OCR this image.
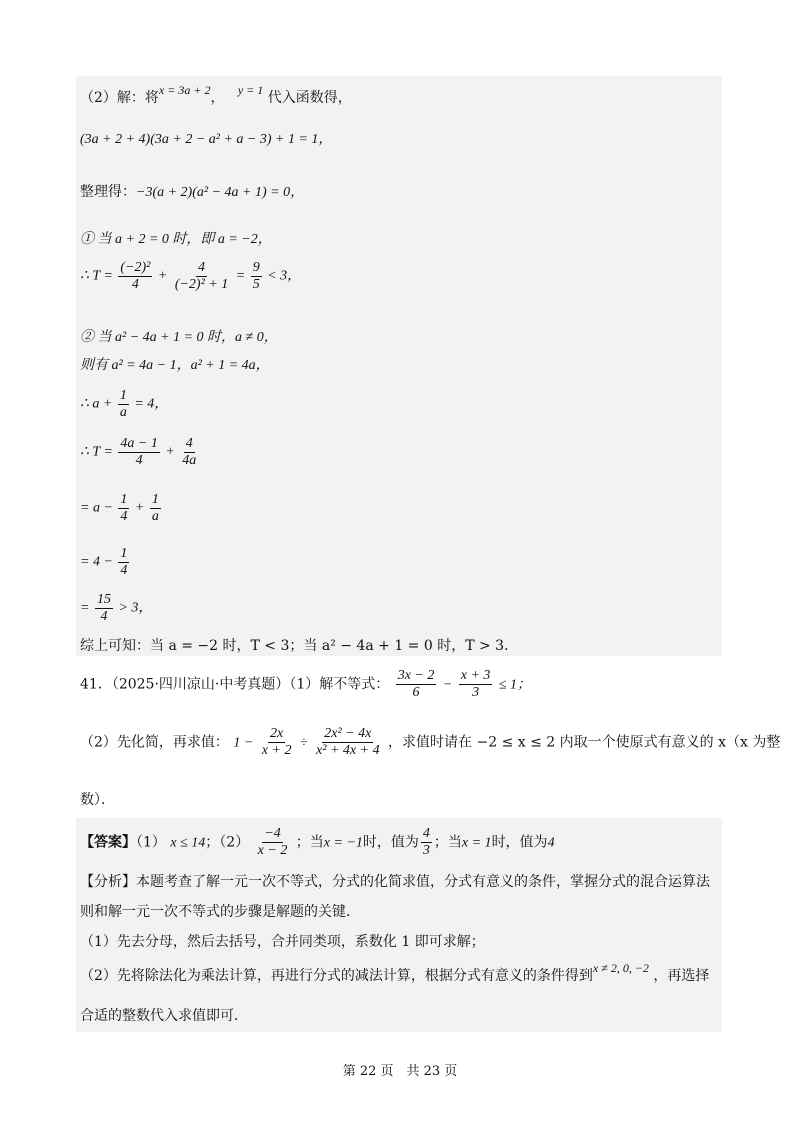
（2）解：将x = 3a + 2， y = 1 代入函数得，
(3a + 2 + 4)(3a + 2 − a² + a − 3) + 1 = 1，
整理得：−3(a + 2)(a² − 4a + 1) = 0，
① 当 a + 2 = 0 时，即 a = −2，
∴ $T = \frac{\text{(−2)²}}{4} + \frac{4}{\text{(−2)² + 1}} = \frac{9}{5} < 3$，
② 当 a² − 4a + 1 = 0 时，a ≠ 0，
则有 a² = 4a − 1，a² + 1 = 4a，
∴ $a + \frac{1}{a} = 4$，
∴ $T = \frac{4a - 1}{4} + \frac{4}{4a}$
= $a - \frac{1}{4} + \frac{1}{a}$
= $4 - \frac{1}{4}$
= $\frac{15}{4} > 3$，
综上可知：当 a = −2 时，T < 3；当 a² − 4a + 1 = 0 时，T > 3．
41．（2025·四川凉山·中考真题）（1）解不等式： $\frac{3x - 2}{6} - \frac{x + 3}{3} \le 1$；
（2）先化简，再求值： $1 - \frac{2x}{x + 2} \div \frac{\text{2x² − 4x}}{\text{x² + 4x + 4}}$ ，求值时请在 −2 ≤ x ≤ 2 内取一个使原式有意义的 x（x 为整
数）．
【答案】（1） x ≤ 14；$(2) \frac{-4}{x - 2}$ ；当x = −1时，值为 $\frac{4}{3}$ ；当x = 1时，值为4
【分析】本题考查了解一元一次不等式，分式的化简求值，分式有意义的条件，掌握分式的混合运算法
则和解一元一次不等式的步骤是解题的关键．
（1）先去分母，然后去括号，合并同类项，系数化 1 即可求解；
（2）先将除法化为乘法计算，再进行分式的减法计算，根据分式有意义的条件得到x ≠ 2, 0, −2 ，再选择
合适的整数代入求值即可．
第 22 页　共 23 页
